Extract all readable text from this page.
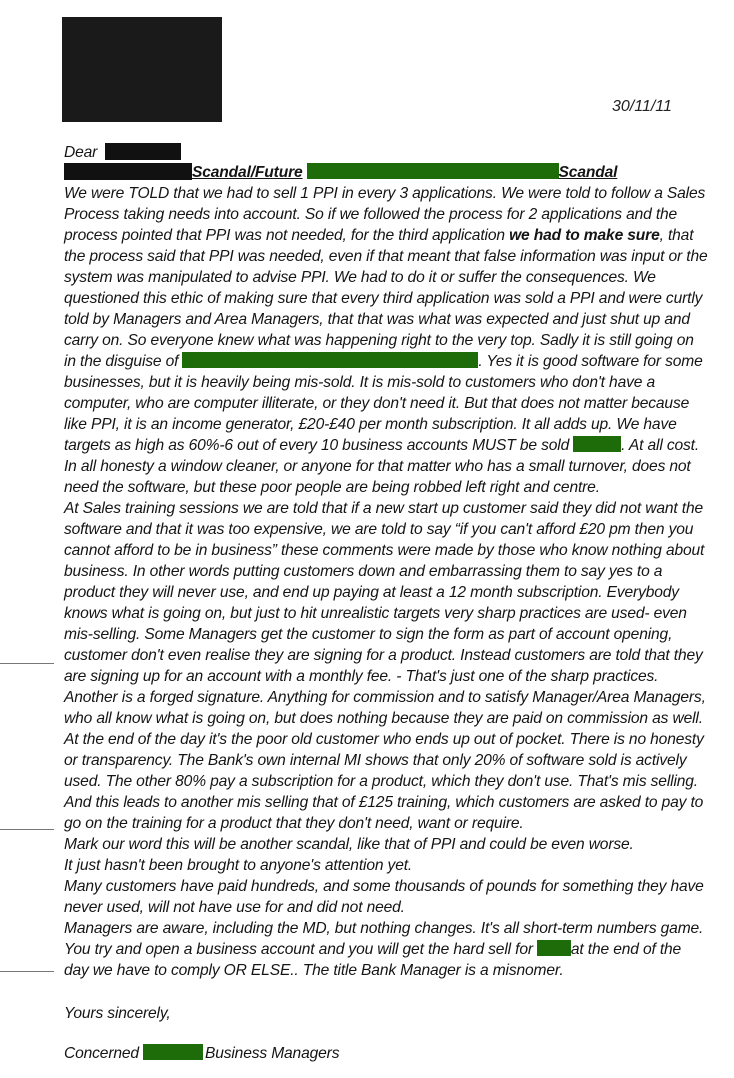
30/11/11
Dear
Scandal/Future	Scandal
We were TOLD that we had to sell 1 PPI in every 3 applications. We were told to follow a Sales
Process taking needs into account. So if we followed the process for 2 applications and the
process pointed that PPI was not needed, for the third application we had to make sure, that
the process said that PPI was needed, even if that meant that false information was input or the
system was manipulated to advise PPI. We had to do it or suffer the consequences. We
questioned this ethic of making sure that every third application was sold a PPI and were curtly
told by Managers and Area Managers, that that was what was expected and just shut up and
carry on. So everyone knew what was happening right to the very top. Sadly it is still going on
in the disguise of	. Yes it is good software for some
businesses, but it is heavily being mis-sold. It is mis-sold to customers who don't have a
computer, who are computer illiterate, or they don't need it. But that does not matter because
like PPI, it is an income generator, £20-£40 per month subscription. It all adds up. We have
targets as high as 60%-6 out of every 10 business accounts MUST be sold	. At all cost.
In all honesty a window cleaner, or anyone for that matter who has a small turnover, does not
need the software, but these poor people are being robbed left right and centre.
At Sales training sessions we are told that if a new start up customer said they did not want the
software and that it was too expensive, we are told to say “if you can't afford £20 pm then you
cannot afford to be in business” these comments were made by those who know nothing about
business. In other words putting customers down and embarrassing them to say yes to a
product they will never use, and end up paying at least a 12 month subscription. Everybody
knows what is going on, but just to hit unrealistic targets very sharp practices are used- even
mis-selling. Some Managers get the customer to sign the form as part of account opening,
customer don't even realise they are signing for a product. Instead customers are told that they
are signing up for an account with a monthly fee. - That's just one of the sharp practices.
Another is a forged signature. Anything for commission and to satisfy Manager/Area Managers,
who all know what is going on, but does nothing because they are paid on commission as well.
At the end of the day it's the poor old customer who ends up out of pocket. There is no honesty
or transparency. The Bank's own internal MI shows that only 20% of software sold is actively
used. The other 80% pay a subscription for a product, which they don't use. That's mis selling.
And this leads to another mis selling that of £125 training, which customers are asked to pay to
go on the training for a product that they don't need, want or require.
Mark our word this will be another scandal, like that of PPI and could be even worse.
It just hasn't been brought to anyone's attention yet.
Many customers have paid hundreds, and some thousands of pounds for something they have
never used, will not have use for and did not need.
Managers are aware, including the MD, but nothing changes. It's all short-term numbers game.
You try and open a business account and you will get the hard sell for at the end of the
day we have to comply OR ELSE.. The title Bank Manager is a misnomer.
Yours sincerely,
Concerned	Business Managers
